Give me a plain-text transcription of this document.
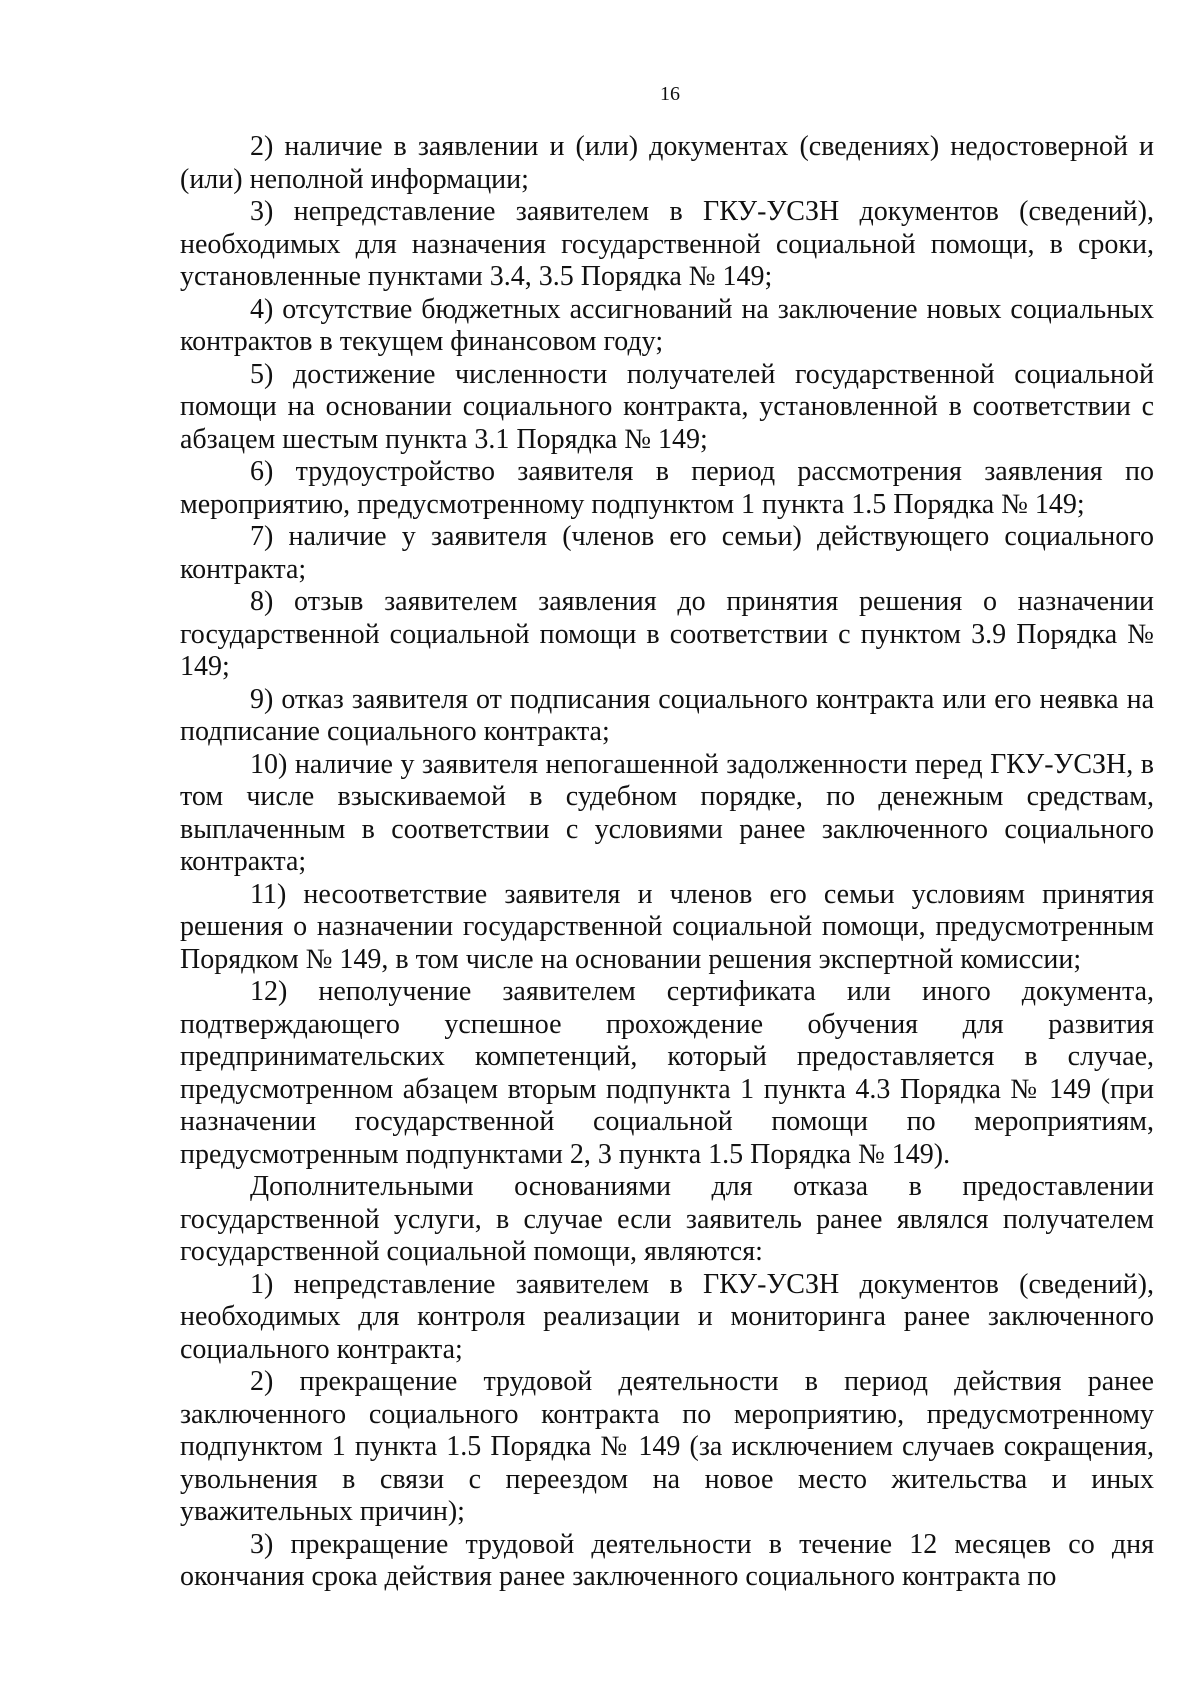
16

2) наличие в заявлении и (или) документах (сведениях) недостоверной и (или) неполной информации;

3) непредставление заявителем в ГКУ-УСЗН документов (сведений), необходимых для назначения государственной социальной помощи, в сроки, установленные пунктами 3.4, 3.5 Порядка № 149;

4) отсутствие бюджетных ассигнований на заключение новых социальных контрактов в текущем финансовом году;

5) достижение численности получателей государственной социальной помощи на основании социального контракта, установленной в соответствии с абзацем шестым пункта 3.1 Порядка № 149;

6) трудоустройство заявителя в период рассмотрения заявления по мероприятию, предусмотренному подпунктом 1 пункта 1.5 Порядка № 149;

7) наличие у заявителя (членов его семьи) действующего социального контракта;

8) отзыв заявителем заявления до принятия решения о назначении государственной социальной помощи в соответствии с пунктом 3.9 Порядка № 149;

9) отказ заявителя от подписания социального контракта или его неявка на подписание социального контракта;

10) наличие у заявителя непогашенной задолженности перед ГКУ-УСЗН, в том числе взыскиваемой в судебном порядке, по денежным средствам, выплаченным в соответствии с условиями ранее заключенного социального контракта;

11) несоответствие заявителя и членов его семьи условиям принятия решения о назначении государственной социальной помощи, предусмотренным Порядком № 149, в том числе на основании решения экспертной комиссии;

12) неполучение заявителем сертификата или иного документа, подтверждающего успешное прохождение обучения для развития предпринимательских компетенций, который предоставляется в случае, предусмотренном абзацем вторым подпункта 1 пункта 4.3 Порядка № 149 (при назначении государственной социальной помощи по мероприятиям, предусмотренным подпунктами 2, 3 пункта 1.5 Порядка № 149).

Дополнительными основаниями для отказа в предоставлении государственной услуги, в случае если заявитель ранее являлся получателем государственной социальной помощи, являются:

1) непредставление заявителем в ГКУ-УСЗН документов (сведений), необходимых для контроля реализации и мониторинга ранее заключенного социального контракта;

2) прекращение трудовой деятельности в период действия ранее заключенного социального контракта по мероприятию, предусмотренному подпунктом 1 пункта 1.5 Порядка № 149 (за исключением случаев сокращения, увольнения в связи с переездом на новое место жительства и иных уважительных причин);

3) прекращение трудовой деятельности в течение 12 месяцев со дня окончания срока действия ранее заключенного социального контракта по
